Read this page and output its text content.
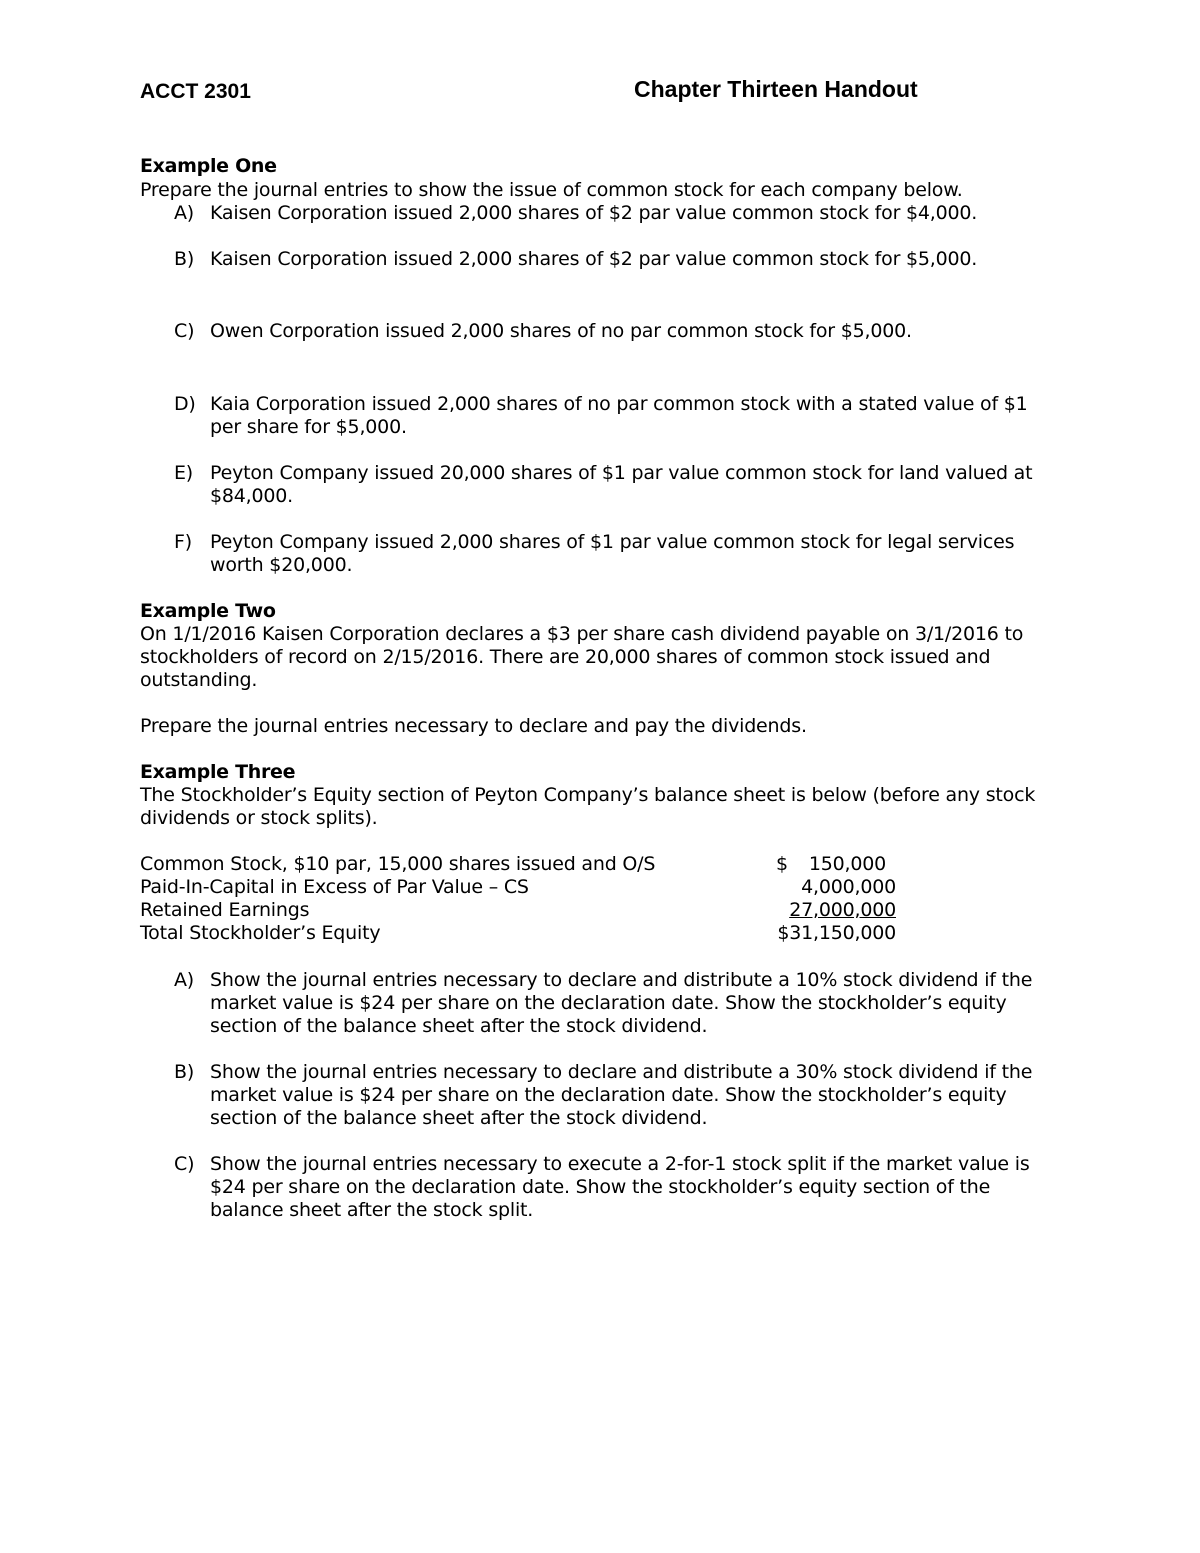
ACCT 2301	Chapter Thirteen Handout
Example One
Prepare the journal entries to show the issue of common stock for each company below.
A) Kaisen Corporation issued 2,000 shares of $2 par value common stock for $4,000.
B) Kaisen Corporation issued 2,000 shares of $2 par value common stock for $5,000.
C) Owen Corporation issued 2,000 shares of no par common stock for $5,000.
D) Kaia Corporation issued 2,000 shares of no par common stock with a stated value of $1
per share for $5,000.
E) Peyton Company issued 20,000 shares of $1 par value common stock for land valued at
$84,000.
F) Peyton Company issued 2,000 shares of $1 par value common stock for legal services
worth $20,000.
Example Two
On 1/1/2016 Kaisen Corporation declares a $3 per share cash dividend payable on 3/1/2016 to
stockholders of record on 2/15/2016. There are 20,000 shares of common stock issued and
outstanding.
Prepare the journal entries necessary to declare and pay the dividends.
Example Three
The Stockholder’s Equity section of Peyton Company’s balance sheet is below (before any stock
dividends or stock splits).
Common Stock, $10 par, 15,000 shares issued and O/S	$ 150,000
Paid-In-Capital in Excess of Par Value – CS	4,000,000
Retained Earnings	27,000,000
Total Stockholder’s Equity	$31,150,000
A) Show the journal entries necessary to declare and distribute a 10% stock dividend if the
market value is $24 per share on the declaration date. Show the stockholder’s equity
section of the balance sheet after the stock dividend.
B) Show the journal entries necessary to declare and distribute a 30% stock dividend if the
market value is $24 per share on the declaration date. Show the stockholder’s equity
section of the balance sheet after the stock dividend.
C) Show the journal entries necessary to execute a 2-for-1 stock split if the market value is
$24 per share on the declaration date. Show the stockholder’s equity section of the
balance sheet after the stock split.
